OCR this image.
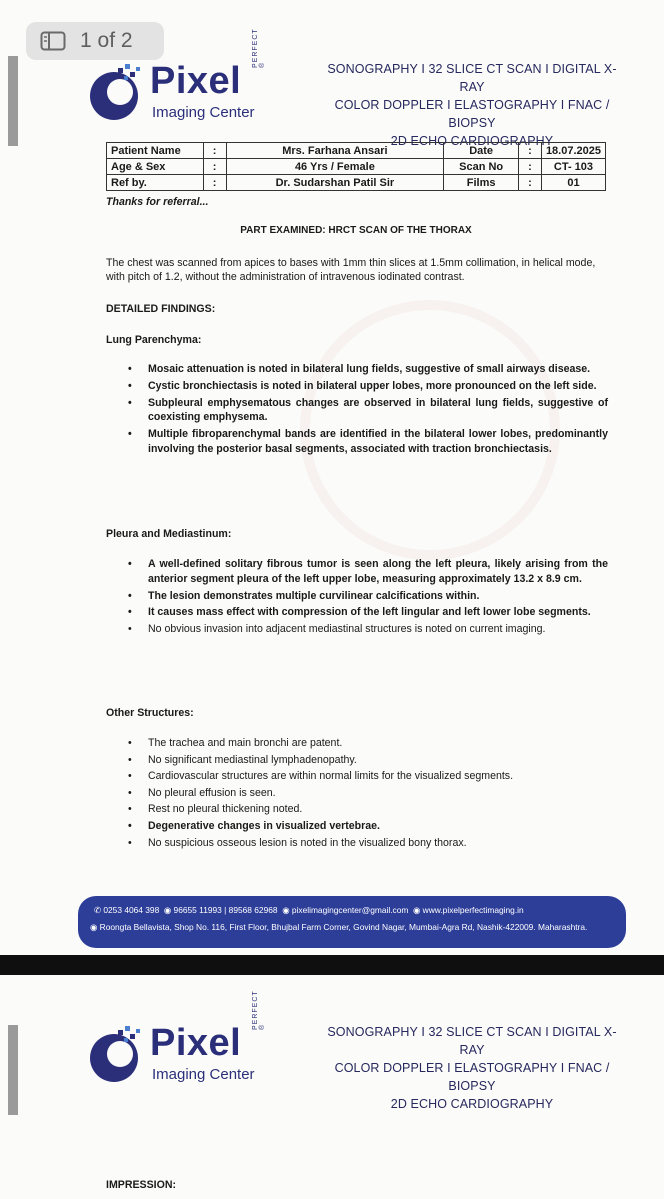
Pixel
Imaging Center
PERFECT ®	SONOGRAPHY I 32 SLICE CT SCAN I DIGITAL X-RAY
COLOR DOPPLER I ELASTOGRAPHY I FNAC / BIOPSY
2D ECHO CARDIOGRAPHY
Patient Name	:	Mrs. Farhana Ansari	Date	:	18.07.2025
Age & Sex	:	46 Yrs / Female	Scan No	:	CT- 103
Ref by.	:	Dr. Sudarshan Patil Sir	Films	:	01
Thanks for referral...
PART EXAMINED: HRCT SCAN OF THE THORAX
The chest was scanned from apices to bases with 1mm thin slices at 1.5mm collimation, in helical mode, with pitch of 1.2, without the administration of intravenous iodinated contrast.
DETAILED FINDINGS:
Lung Parenchyma:
• Mosaic attenuation is noted in bilateral lung fields, suggestive of small airways disease.
• Cystic bronchiectasis is noted in bilateral upper lobes, more pronounced on the left side.
• Subpleural emphysematous changes are observed in bilateral lung fields, suggestive of coexisting emphysema.
• Multiple fibroparenchymal bands are identified in the bilateral lower lobes, predominantly involving the posterior basal segments, associated with traction bronchiectasis.
Pleura and Mediastinum:
• A well-defined solitary fibrous tumor is seen along the left pleura, likely arising from the anterior segment pleura of the left upper lobe, measuring approximately 13.2 x 8.9 cm.
• The lesion demonstrates multiple curvilinear calcifications within.
• It causes mass effect with compression of the left lingular and left lower lobe segments.
• No obvious invasion into adjacent mediastinal structures is noted on current imaging.
Other Structures:
• The trachea and main bronchi are patent.
• No significant mediastinal lymphadenopathy.
• Cardiovascular structures are within normal limits for the visualized segments.
• No pleural effusion is seen.
• Rest no pleural thickening noted.
• Degenerative changes in visualized vertebrae.
• No suspicious osseous lesion is noted in the visualized bony thorax.
✆ 0253 4064 398 ◉ 96655 11993 | 89568 62968 ◉ pixelimagingcenter@gmail.com ◉ www.pixelperfectimaging.in
◉ Roongta Bellavista, Shop No. 116, First Floor, Bhujbal Farm Corner, Govind Nagar, Mumbai-Agra Rd, Nashik-422009. Maharashtra.
Pixel
Imaging Center
PERFECT ®	SONOGRAPHY I 32 SLICE CT SCAN I DIGITAL X-RAY
COLOR DOPPLER I ELASTOGRAPHY I FNAC / BIOPSY
2D ECHO CARDIOGRAPHY
IMPRESSION:
1 of 2
